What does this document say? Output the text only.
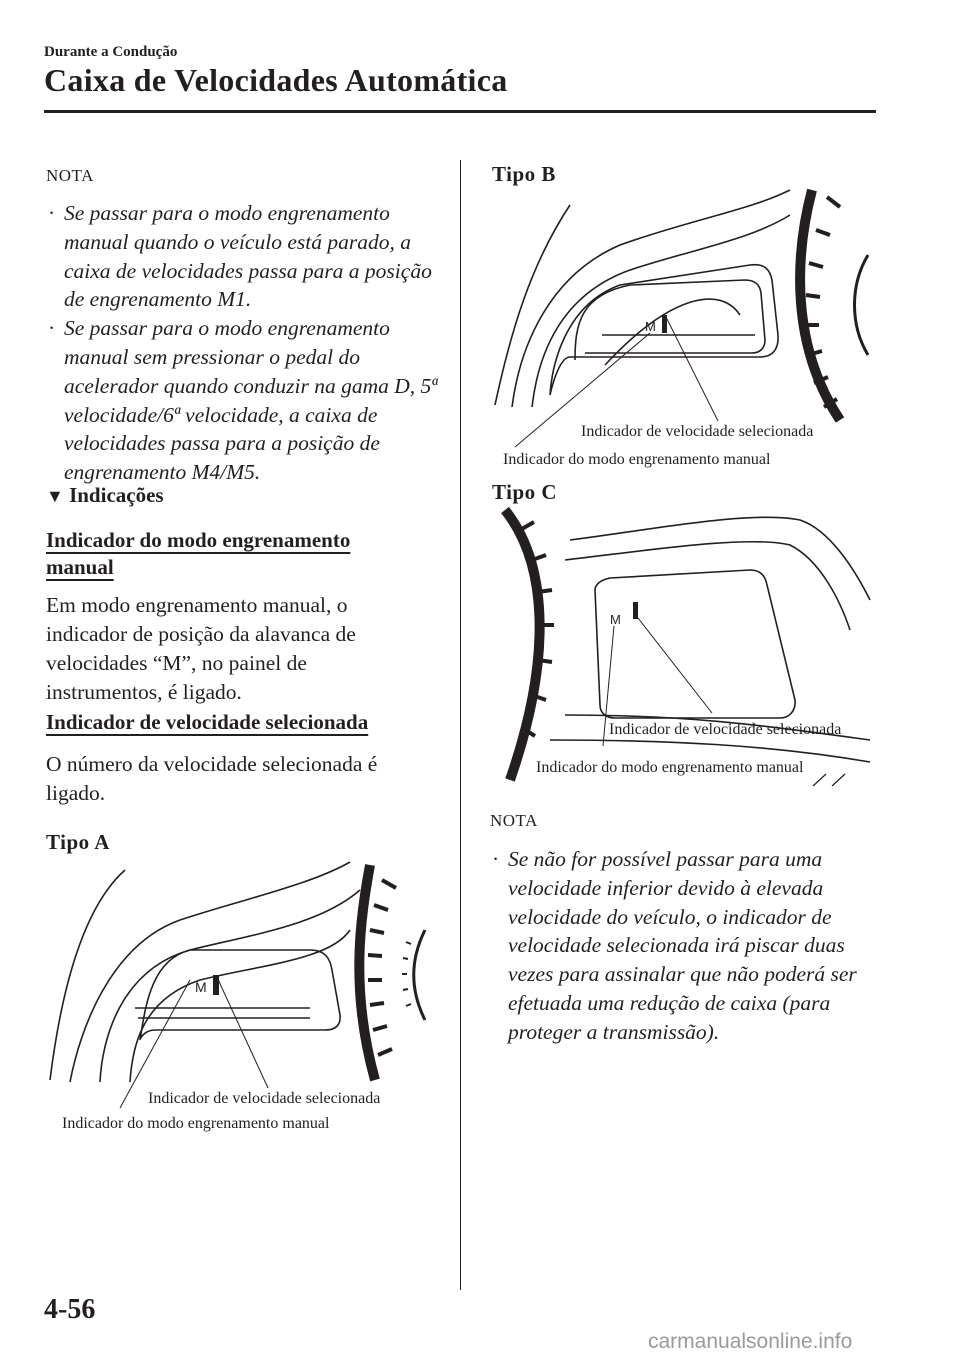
Durante a Condução
Caixa de Velocidades Automática
NOTA
· Se passar para o modo engrenamento manual quando o veículo está parado, a caixa de velocidades passa para a posição de engrenamento M1.
· Se passar para o modo engrenamento manual sem pressionar o pedal do acelerador quando conduzir na gama D, 5ª velocidade/6ª velocidade, a caixa de velocidades passa para a posição de engrenamento M4/M5.
▼ Indicações
Indicador do modo engrenamento
manual
Em modo engrenamento manual, o indicador de posição da alavanca de velocidades “M”, no painel de instrumentos, é ligado.
Indicador de velocidade selecionada
O número da velocidade selecionada é ligado.
Tipo A
M
Indicador de velocidade selecionada
Indicador do modo engrenamento manual
Tipo B
M
Indicador de velocidade selecionada
Indicador do modo engrenamento manual
Tipo C
M
Indicador de velocidade selecionada
Indicador do modo engrenamento manual
NOTA
· Se não for possível passar para uma velocidade inferior devido à elevada velocidade do veículo, o indicador de velocidade selecionada irá piscar duas vezes para assinalar que não poderá ser efetuada uma redução de caixa (para proteger a transmissão).
4-56
carmanualsonline.info
